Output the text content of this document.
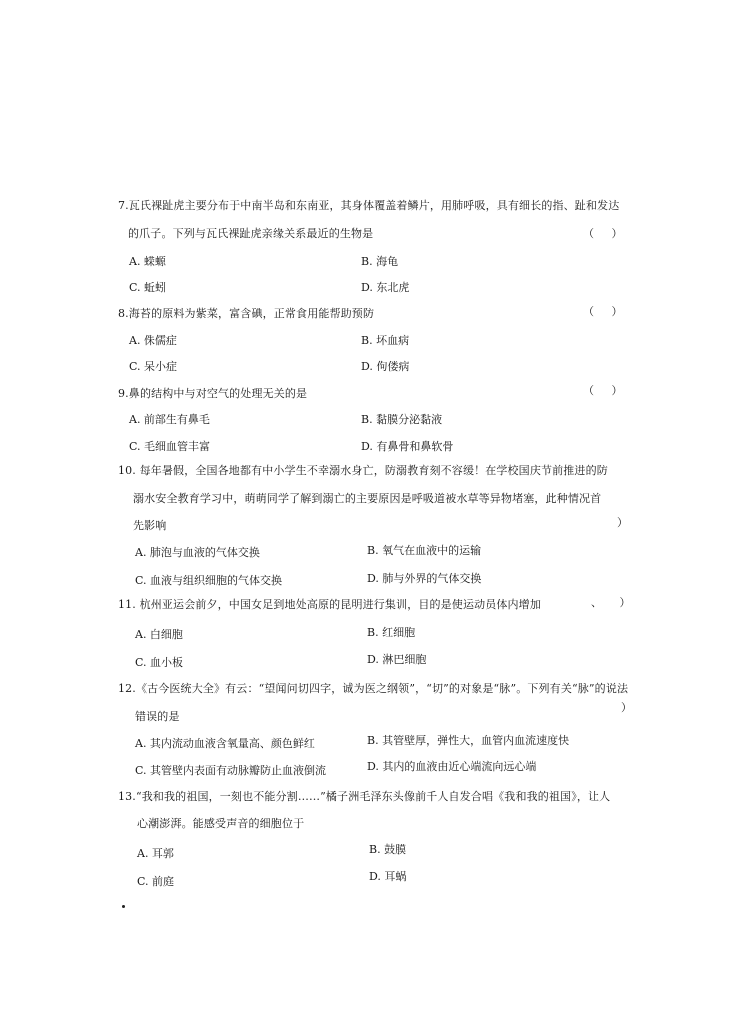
7.瓦氏裸趾虎主要分布于中南半岛和东南亚，其身体覆盖着鳞片，用肺呼吸，具有细长的指、趾和发达
的爪子。下列与瓦氏裸趾虎亲缘关系最近的生物是	（     ）
A. 蝾螈	B. 海龟
C. 蚯蚓	D. 东北虎
8.海苔的原料为紫菜，富含碘，正常食用能帮助预防	（     ）
A. 侏儒症	B. 坏血病
C. 呆小症	D. 佝偻病
9.鼻的结构中与对空气的处理无关的是	（     ）
A. 前部生有鼻毛	B. 黏膜分泌黏液
C. 毛细血管丰富	D. 有鼻骨和鼻软骨
10. 每年暑假，全国各地都有中小学生不幸溺水身亡，防溺教育刻不容缓！在学校国庆节前推进的防
溺水安全教育学习中，萌萌同学了解到溺亡的主要原因是呼吸道被水草等异物堵塞，此种情况首
先影响	）
A. 肺泡与血液的气体交换	B. 氧气在血液中的运输
C. 血液与组织细胞的气体交换	D. 肺与外界的气体交换
11. 杭州亚运会前夕，中国女足到地处高原的昆明进行集训，目的是使运动员体内增加	、     ）
A. 白细胞	B. 红细胞
C. 血小板	D. 淋巴细胞
12.《古今医统大全》有云：“望闻问切四字，诚为医之纲领”，“切”的对象是“脉”。下列有关“脉”的说法
错误的是
）
A. 其内流动血液含氧量高、颜色鲜红	B. 其管壁厚，弹性大，血管内血流速度快
C. 其管壁内表面有动脉瓣防止血液倒流	D. 其内的血液由近心端流向远心端
13.“我和我的祖国，一刻也不能分割……”橘子洲毛泽东头像前千人自发合唱《我和我的祖国》，让人
心潮澎湃。能感受声音的细胞位于
A. 耳郭	B. 鼓膜
C. 前庭	D. 耳蜗
